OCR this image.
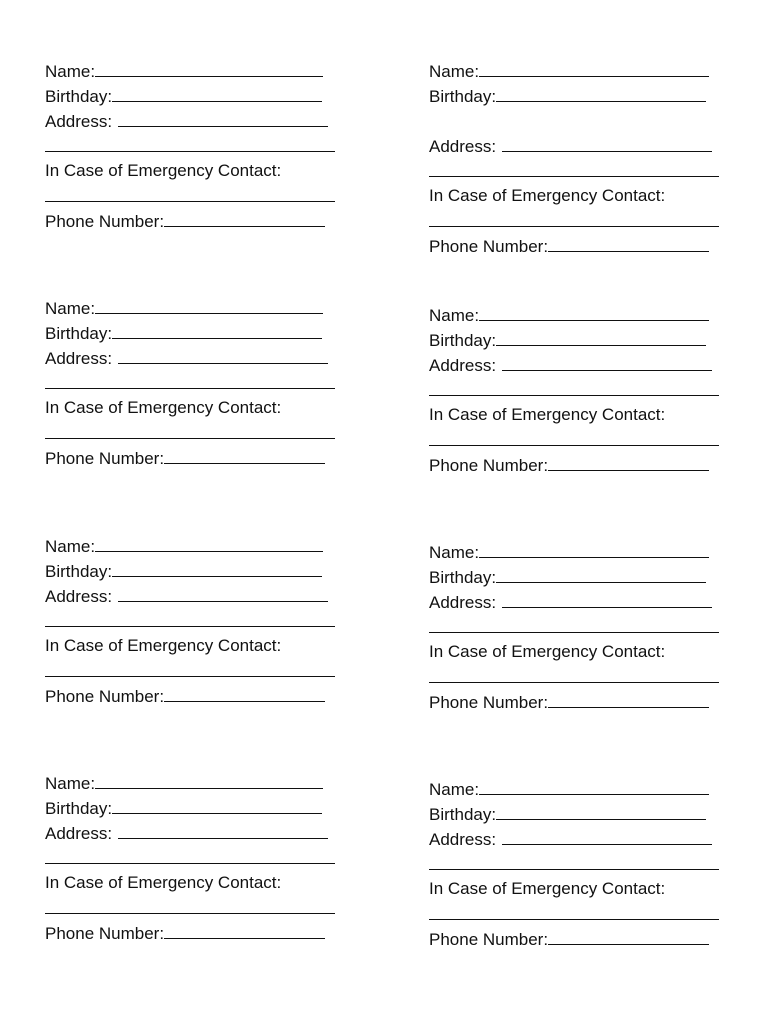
Name:
Birthday:
Address:
In Case of Emergency Contact:
Phone Number:
Name:
Birthday:
Address:
In Case of Emergency Contact:
Phone Number:
Name:
Birthday:
Address:
In Case of Emergency Contact:
Phone Number:
Name:
Birthday:
Address:
In Case of Emergency Contact:
Phone Number:
Name:
Birthday:
Address:
In Case of Emergency Contact:
Phone Number:
Name:
Birthday:
Address:
In Case of Emergency Contact:
Phone Number:
Name:
Birthday:
Address:
In Case of Emergency Contact:
Phone Number:
Name:
Birthday:
Address:
In Case of Emergency Contact:
Phone Number:
